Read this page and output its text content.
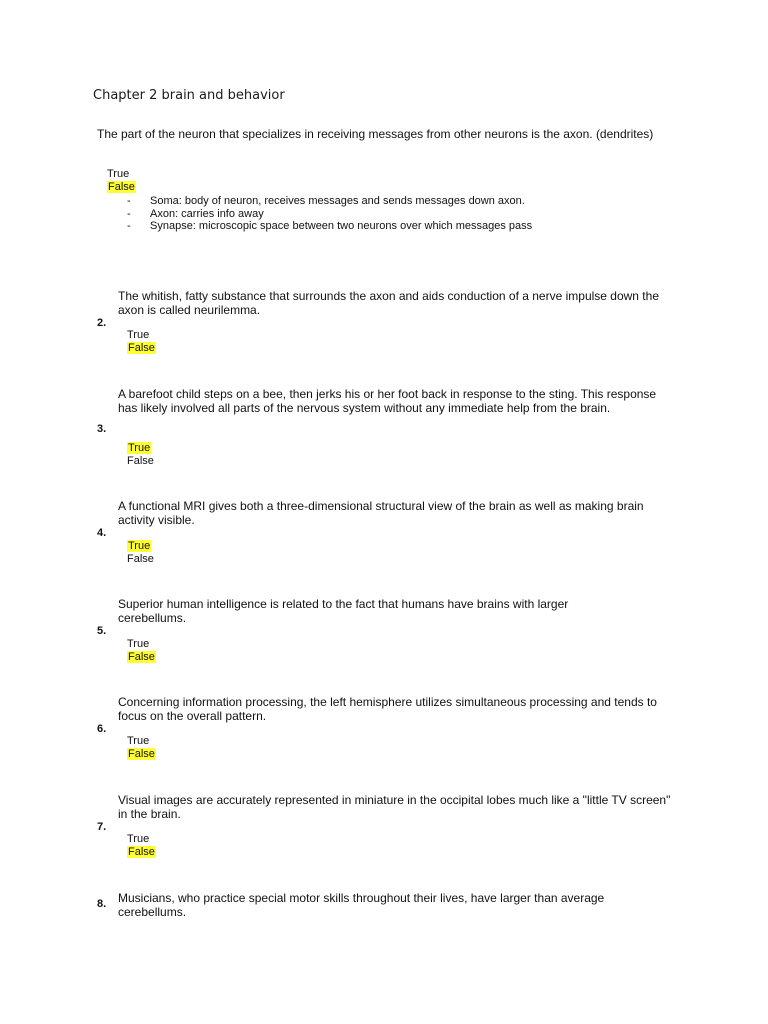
Chapter 2 brain and behavior
The part of the neuron that specializes in receiving messages from other neurons is the axon. (dendrites)
True
False
- Soma: body of neuron, receives messages and sends messages down axon.
- Axon: carries info away
- Synapse: microscopic space between two neurons over which messages pass
The whitish, fatty substance that surrounds the axon and aids conduction of a nerve impulse down the axon is called neurilemma.
2.
True
False
A barefoot child steps on a bee, then jerks his or her foot back in response to the sting. This response has likely involved all parts of the nervous system without any immediate help from the brain.
3.
True
False
A functional MRI gives both a three-dimensional structural view of the brain as well as making brain activity visible.
4.
True
False
Superior human intelligence is related to the fact that humans have brains with larger cerebellums.
5.
True
False
Concerning information processing, the left hemisphere utilizes simultaneous processing and tends to focus on the overall pattern.
6.
True
False
Visual images are accurately represented in miniature in the occipital lobes much like a "little TV screen" in the brain.
7.
True
False
Musicians, who practice special motor skills throughout their lives, have larger than average cerebellums.
8.
